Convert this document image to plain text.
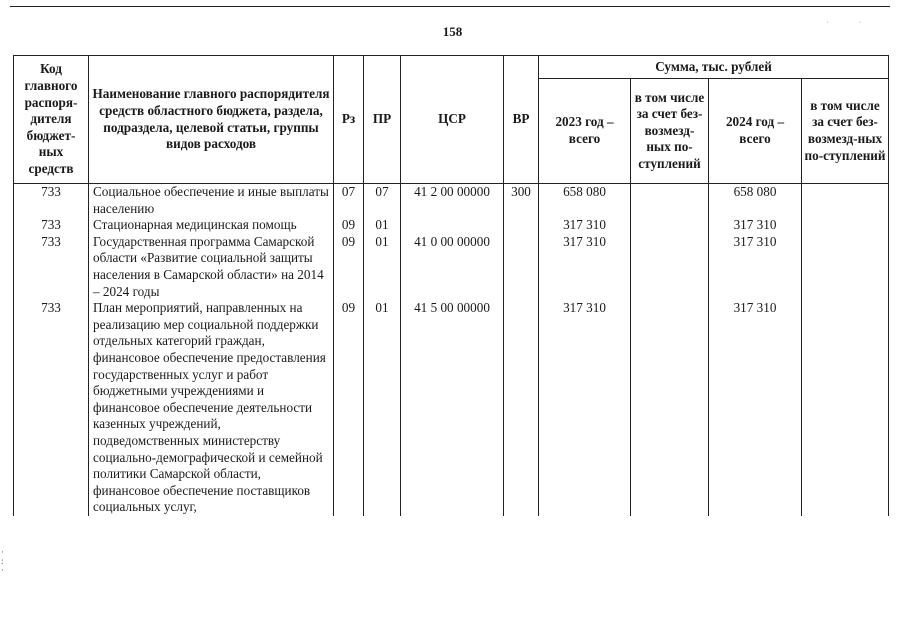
158	˙˙
Код главного распоря-дителя бюджет-ных средств	Наименование главного распорядителя средств областного бюджета, раздела, подраздела, целевой статьи, группы видов расходов	Рз	ПР	ЦСР	ВР	Сумма, тыс. рублей			
						2023 год – всего	в том числе за счет без-возмезд-ных по-ступлений	2024 год – всего	в том числе за счет без-возмезд-ных по-ступлений
733	Социальное обеспечение и иные выплаты населению	07	07	41 2 00 00000	300	658 080		658 080	
733	Стационарная медицинская помощь	09	01			317 310		317 310	
733	Государственная программа Самарской области «Развитие социальной защиты населения в Самарской области» на 2014 – 2024 годы	09	01	41 0 00 00000		317 310		317 310	
733	План мероприятий, направленных на реализацию мер социальной поддержки отдельных категорий граждан, финансовое обеспечение предоставления государственных услуг и работ бюджетными учреждениями и финансовое обеспечение деятельности казенных учреждений, подведомственных министерству социально-демографической и семейной политики Самарской области, финансовое обеспечение поставщиков социальных услуг,	09	01	41 5 00 00000		317 310		317 310	
·
:
·
